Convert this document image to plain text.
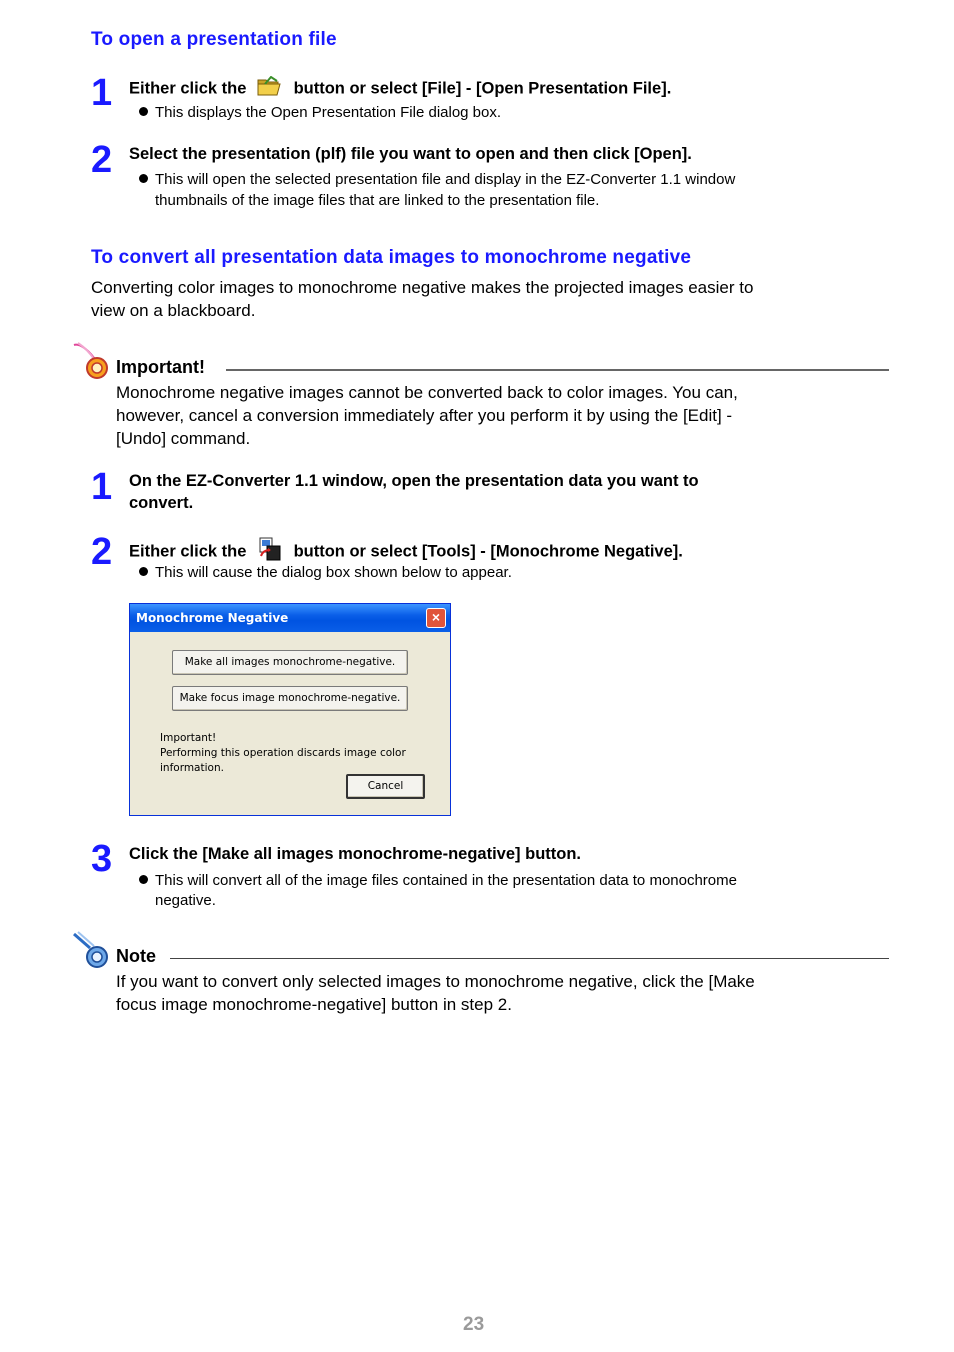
To open a presentation file
1 Either click the	button or select [File] - [Open Presentation File].
This displays the Open Presentation File dialog box.
2 Select the presentation (plf) file you want to open and then click [Open].
This will open the selected presentation file and display in the EZ-Converter 1.1 window
thumbnails of the image files that are linked to the presentation file.
To convert all presentation data images to monochrome negative
Converting color images to monochrome negative makes the projected images easier to
view on a blackboard.
Important!
Monochrome negative images cannot be converted back to color images. You can,
however, cancel a conversion immediately after you perform it by using the [Edit] -
[Undo] command.
1 On the EZ-Converter 1.1 window, open the presentation data you want to
convert.
2 Either click the	button or select [Tools] - [Monochrome Negative].
This will cause the dialog box shown below to appear.
Monochrome Negative	×
Make all images monochrome-negative.
Make focus image monochrome-negative.
Important!
Performing this operation discards image color information.
Cancel
3 Click the [Make all images monochrome-negative] button.
This will convert all of the image files contained in the presentation data to monochrome
negative.
Note
If you want to convert only selected images to monochrome negative, click the [Make
focus image monochrome-negative] button in step 2.
23
